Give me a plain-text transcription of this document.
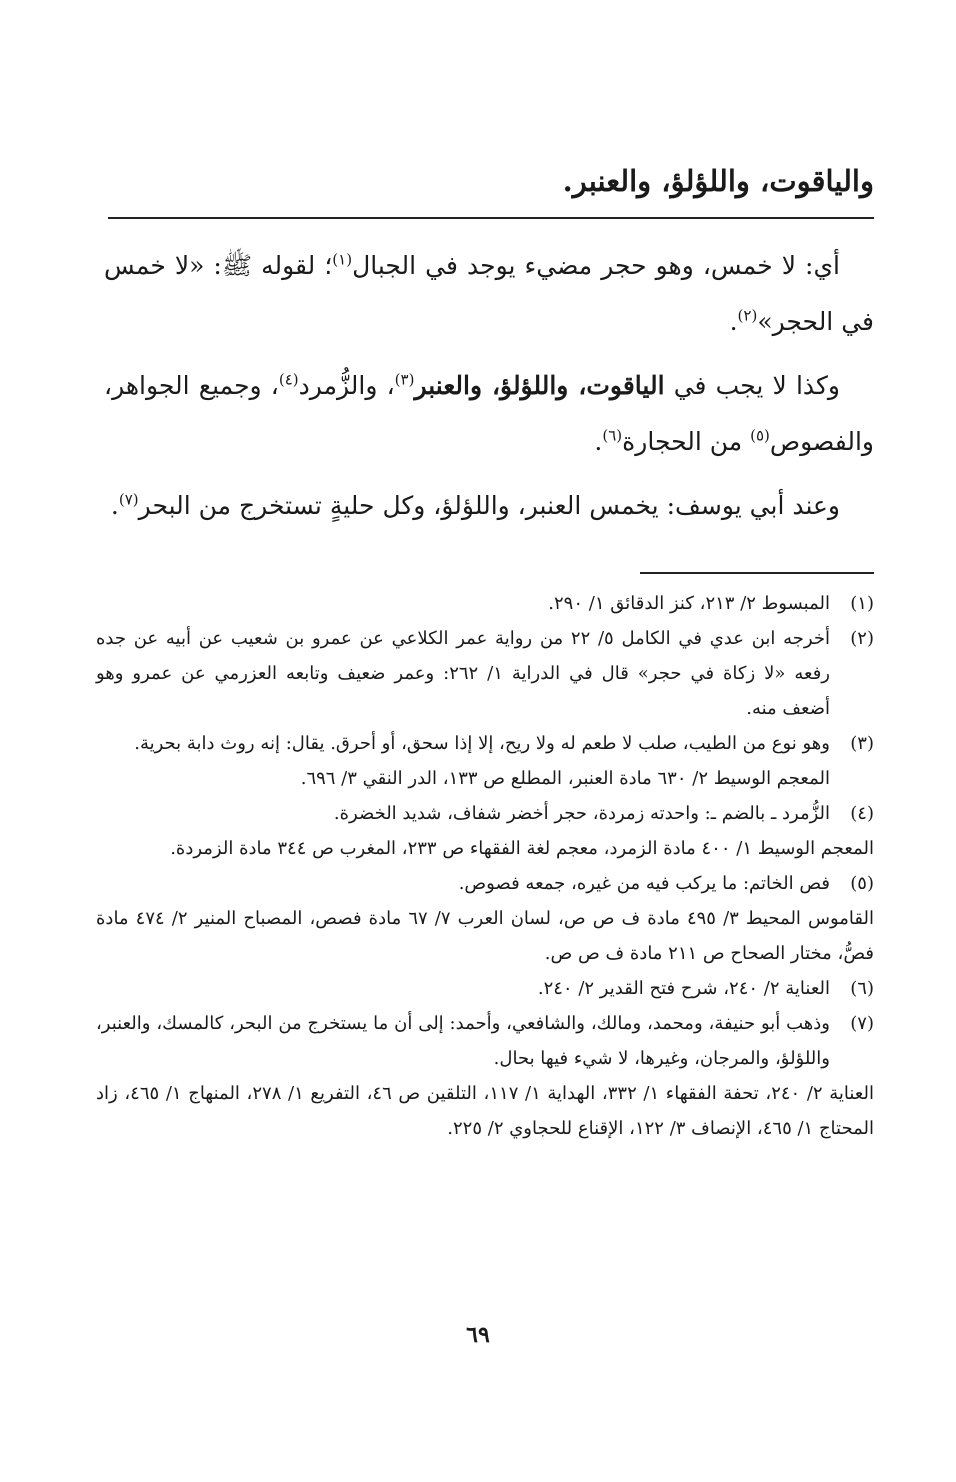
والياقوت، واللؤلؤ، والعنبر.

أي: لا خمس، وهو حجر مضيء يوجد في الجبال$^{(١)}$؛ لقوله ﷺ: «لا خمس في الحجر»$^{(٢)}$.

وكذا لا يجب في الياقوت، واللؤلؤ، والعنبر$^{(٣)}$، والزُّمرد$^{(٤)}$، وجميع الجواهر، والفصوص$^{(٥)}$ من الحجارة$^{(٦)}$.

وعند أبي يوسف: يخمس العنبر، واللؤلؤ، وكل حليةٍ تستخرج من البحر$^{(٧)}$.

(١)
المبسوط ٢/ ٢١٣، كنز الدقائق ١/ ٢٩٠.
(٢)
أخرجه ابن عدي في الكامل ٥/ ٢٢ من رواية عمر الكلاعي عن عمرو بن شعيب عن أبيه عن جده رفعه «لا زكاة في حجر» قال في الدراية ١/ ٢٦٢: وعمر ضعيف وتابعه العزرمي عن عمرو وهو أضعف منه.
(٣)
وهو نوع من الطيب، صلب لا طعم له ولا ريح، إلا إذا سحق، أو أحرق. يقال: إنه روث دابة بحرية.
المعجم الوسيط ٢/ ٦٣٠ مادة العنبر، المطلع ص ١٣٣، الدر النقي ٣/ ٦٩٦.
(٤)
الزُّمرد ـ بالضم ـ: واحدته زمردة، حجر أخضر شفاف، شديد الخضرة.
المعجم الوسيط ١/ ٤٠٠ مادة الزمرد، معجم لغة الفقهاء ص ٢٣٣، المغرب ص ٣٤٤ مادة الزمردة.
(٥)
فص الخاتم: ما يركب فيه من غيره، جمعه فصوص.
القاموس المحيط ٣/ ٤٩٥ مادة ف ص ص، لسان العرب ٧/ ٦٧ مادة فصص، المصباح المنير ٢/ ٤٧٤ مادة فصُّ، مختار الصحاح ص ٢١١ مادة ف ص ص.
(٦)
العناية ٢/ ٢٤٠، شرح فتح القدير ٢/ ٢٤٠.
(٧)
وذهب أبو حنيفة، ومحمد، ومالك، والشافعي، وأحمد: إلى أن ما يستخرج من البحر، كالمسك، والعنبر، واللؤلؤ، والمرجان، وغيرها، لا شيء فيها بحال.
العناية ٢/ ٢٤٠، تحفة الفقهاء ١/ ٣٣٢، الهداية ١/ ١١٧، التلقين ص ٤٦، التفريع ١/ ٢٧٨، المنهاج ١/ ٤٦٥، زاد المحتاج ١/ ٤٦٥، الإنصاف ٣/ ١٢٢، الإقناع للحجاوي ٢/ ٢٢٥.
٦٩
